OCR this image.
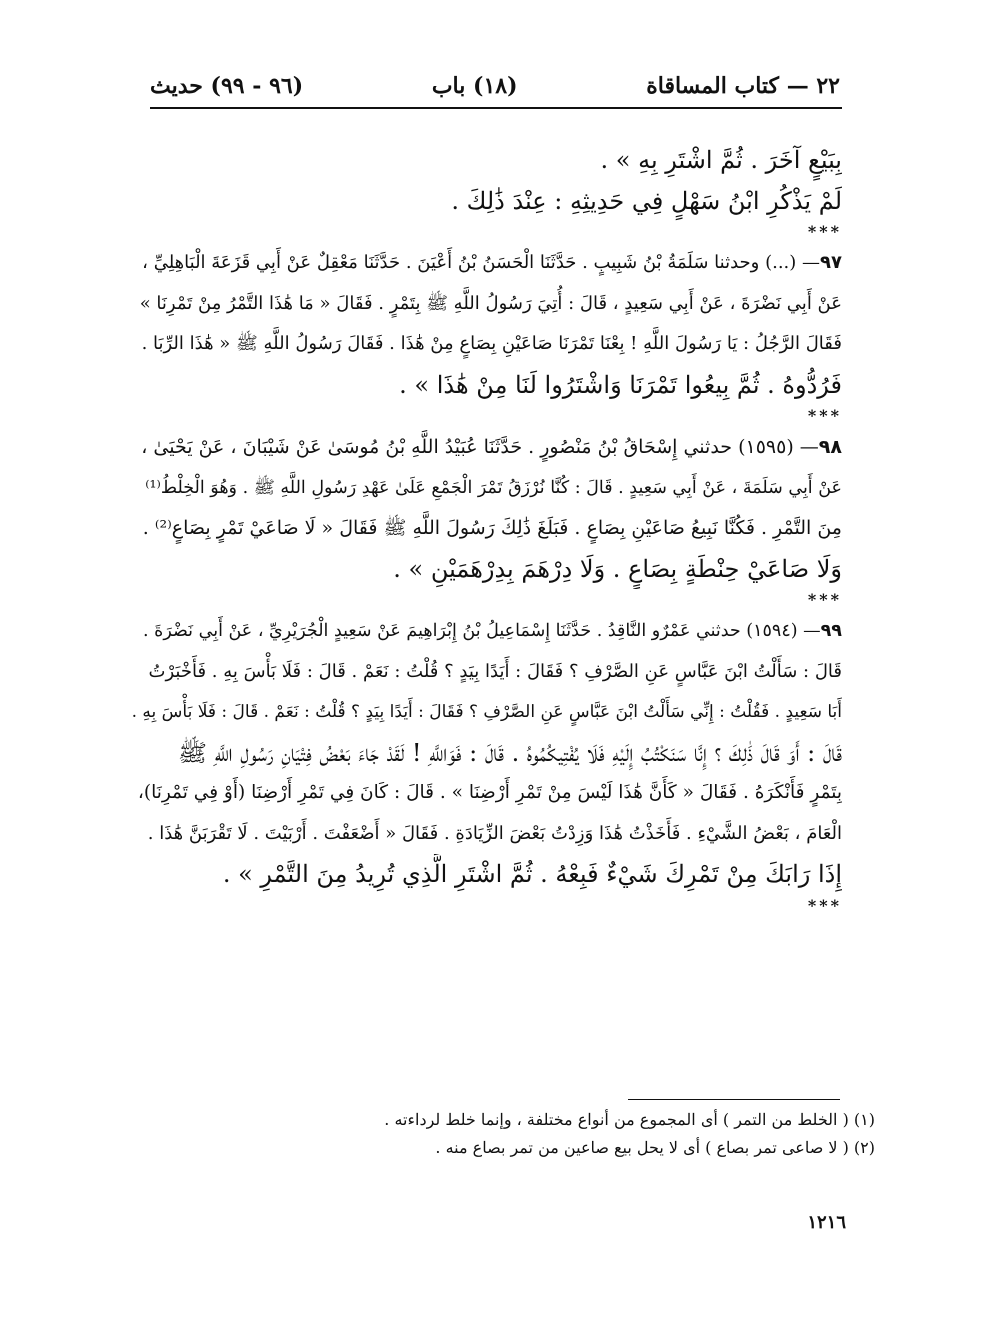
٢٢ — كتاب المساقاة
(١٨) باب
(٩٦ - ٩٩) حديث
بِبَيْعٍ آخَرَ . ثُمَّ اشْتَرِ بِهِ » .
لَمْ يَذْكُرِ ابْنُ سَهْلٍ فِي حَدِيثِهِ : عِنْدَ ذَٰلِكَ .
***
٩٧— (...) وحدثنا سَلَمَةُ بْنُ شَبِيبٍ . حَدَّثَنَا الْحَسَنُ بْنُ أَعْيَنَ . حَدَّثَنَا مَعْقِلٌ عَنْ أَبِي قَزَعَةَ الْبَاهِلِيِّ ،
عَنْ أَبِي نَضْرَةَ ، عَنْ أَبِي سَعِيدٍ ، قَالَ : أُتِيَ رَسُولُ اللَّهِ ﷺ بِتَمْرٍ . فَقَالَ « مَا هَٰذَا التَّمْرُ مِنْ تَمْرِنَا »
فَقَالَ الرَّجُلُ : يَا رَسُولَ اللَّهِ ! بِعْنَا تَمْرَنَا صَاعَيْنِ بِصَاعٍ مِنْ هَٰذَا . فَقَالَ رَسُولُ اللَّهِ ﷺ « هَٰذَا الرِّبَا .
فَرُدُّوهُ . ثُمَّ بِيعُوا تَمْرَنَا وَاشْتَرُوا لَنَا مِنْ هَٰذَا » .
***
٩٨— (١٥٩٥) حدثني إِسْحَاقُ بْنُ مَنْصُورٍ . حَدَّثَنَا عُبَيْدُ اللَّهِ بْنُ مُوسَىٰ عَنْ شَيْبَانَ ، عَنْ يَحْيَىٰ ،
عَنْ أَبِي سَلَمَةَ ، عَنْ أَبِي سَعِيدٍ . قَالَ : كُنَّا نُرْزَقُ تَمْرَ الْجَمْعِ عَلَىٰ عَهْدِ رَسُولِ اللَّهِ ﷺ . وَهُوَ الْخِلْطُ⁽¹⁾
مِنَ التَّمْرِ . فَكُنَّا نَبِيعُ صَاعَيْنِ بِصَاعٍ . فَبَلَغَ ذَٰلِكَ رَسُولَ اللَّهِ ﷺ فَقَالَ « لَا صَاعَيْ تَمْرٍ بِصَاعٍ⁽²⁾ .
وَلَا صَاعَيْ حِنْطَةٍ بِصَاعٍ . وَلَا دِرْهَمَ بِدِرْهَمَيْنِ » .
***
٩٩— (١٥٩٤) حدثني عَمْرٌو النَّاقِدُ . حَدَّثَنَا إِسْمَاعِيلُ بْنُ إِبْرَاهِيمَ عَنْ سَعِيدٍ الْجُرَيْرِيِّ ، عَنْ أَبِي نَضْرَةَ .
قَالَ : سَأَلْتُ ابْنَ عَبَّاسٍ عَنِ الصَّرْفِ ؟ فَقَالَ : أَيَدًا بِيَدٍ ؟ قُلْتُ : نَعَمْ . قَالَ : فَلَا بَأْسَ بِهِ . فَأَخْبَرْتُ
أَبَا سَعِيدٍ . فَقُلْتُ : إِنِّي سَأَلْتُ ابْنَ عَبَّاسٍ عَنِ الصَّرْفِ ؟ فَقَالَ : أَيَدًا بِيَدٍ ؟ قُلْتُ : نَعَمْ . قَالَ : فَلَا بَأْسَ بِهِ .
قَالَ : أَوَ قَالَ ذَٰلِكَ ؟ إِنَّا سَنَكْتُبُ إِلَيْهِ فَلَا يُفْتِيكُمُوهُ . قَالَ : فَوَاللَّهِ ! لَقَدْ جَاءَ بَعْضُ فِتْيَانِ رَسُولِ اللَّهِ ﷺ
بِتَمْرٍ فَأَنْكَرَهُ . فَقَالَ « كَأَنَّ هَٰذَا لَيْسَ مِنْ تَمْرِ أَرْضِنَا » . قَالَ : كَانَ فِي تَمْرِ أَرْضِنَا (أَوْ فِي تَمْرِنَا)،
الْعَامَ ، بَعْضُ الشَّيْءِ . فَأَخَذْتُ هَٰذَا وَزِدْتُ بَعْضَ الزِّيَادَةِ . فَقَالَ « أَضْعَفْتَ . أَرْبَيْتَ . لَا تَقْرَبَنَّ هَٰذَا .
إِذَا رَابَكَ مِنْ تَمْرِكَ شَيْءٌ فَبِعْهُ . ثُمَّ اشْتَرِ الَّذِي تُرِيدُ مِنَ التَّمْرِ » .
***
(١) ( الخلط من التمر ) أى المجموع من أنواع مختلفة ، وإنما خلط لرداءته .
(٢) ( لا صاعى تمر بصاع ) أى لا يحل بيع صاعين من تمر بصاع منه .
١٢١٦
